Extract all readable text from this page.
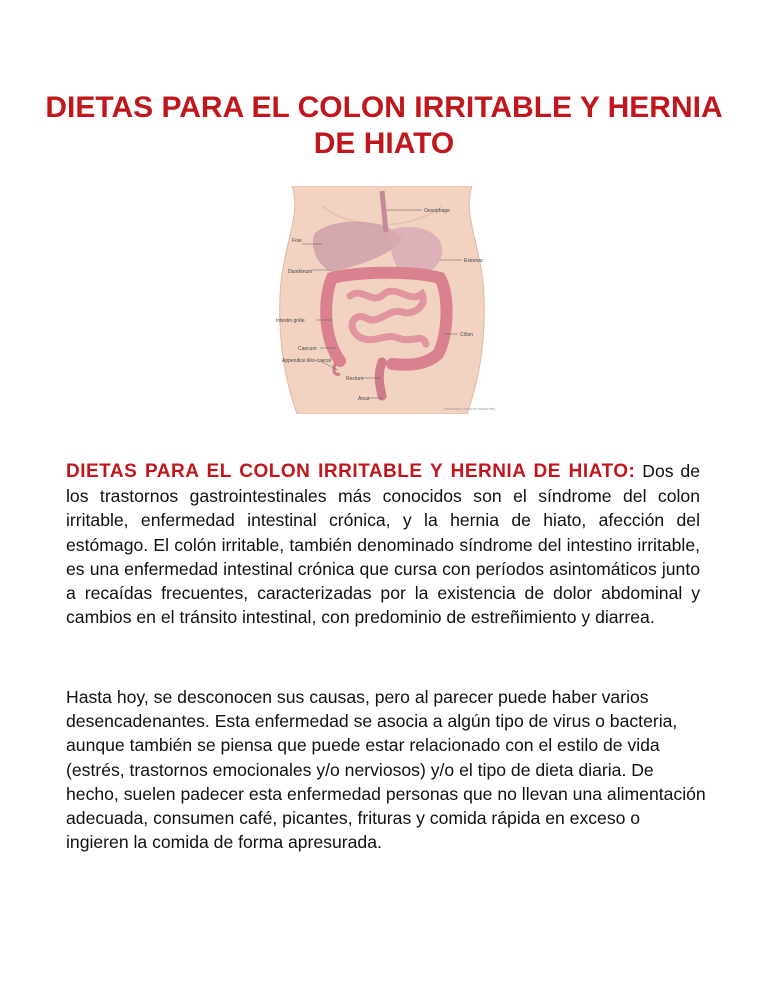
DIETAS PARA EL COLON IRRITABLE Y HERNIA DE HIATO
Oesophage
Foie
Estomac
Duodénum
Intestin grêle
Côlon
Caecum
Appendice iléo-caecal
Rectum
Anus
Illustration (source inconnue)

DIETAS PARA EL COLON IRRITABLE Y HERNIA DE HIATO: Dos de los trastornos gastrointestinales más conocidos son el síndrome del colon irritable, enfermedad intestinal crónica, y la hernia de hiato, afección del estómago. El colón irritable, también denominado síndrome del intestino irritable, es una enfermedad intestinal crónica que cursa con períodos asintomáticos junto a recaídas frecuentes, caracterizadas por la existencia de dolor abdominal y cambios en el tránsito intestinal, con predominio de estreñimiento y diarrea.

Hasta hoy, se desconocen sus causas, pero al parecer puede haber varios desencadenantes. Esta enfermedad se asocia a algún tipo de virus o bacteria, aunque también se piensa que puede estar relacionado con el estilo de vida (estrés, trastornos emocionales y/o nerviosos) y/o el tipo de dieta diaria. De hecho, suelen padecer esta enfermedad personas que no llevan una alimentación adecuada, consumen café, picantes, frituras y comida rápida en exceso o ingieren la comida de forma apresurada.
